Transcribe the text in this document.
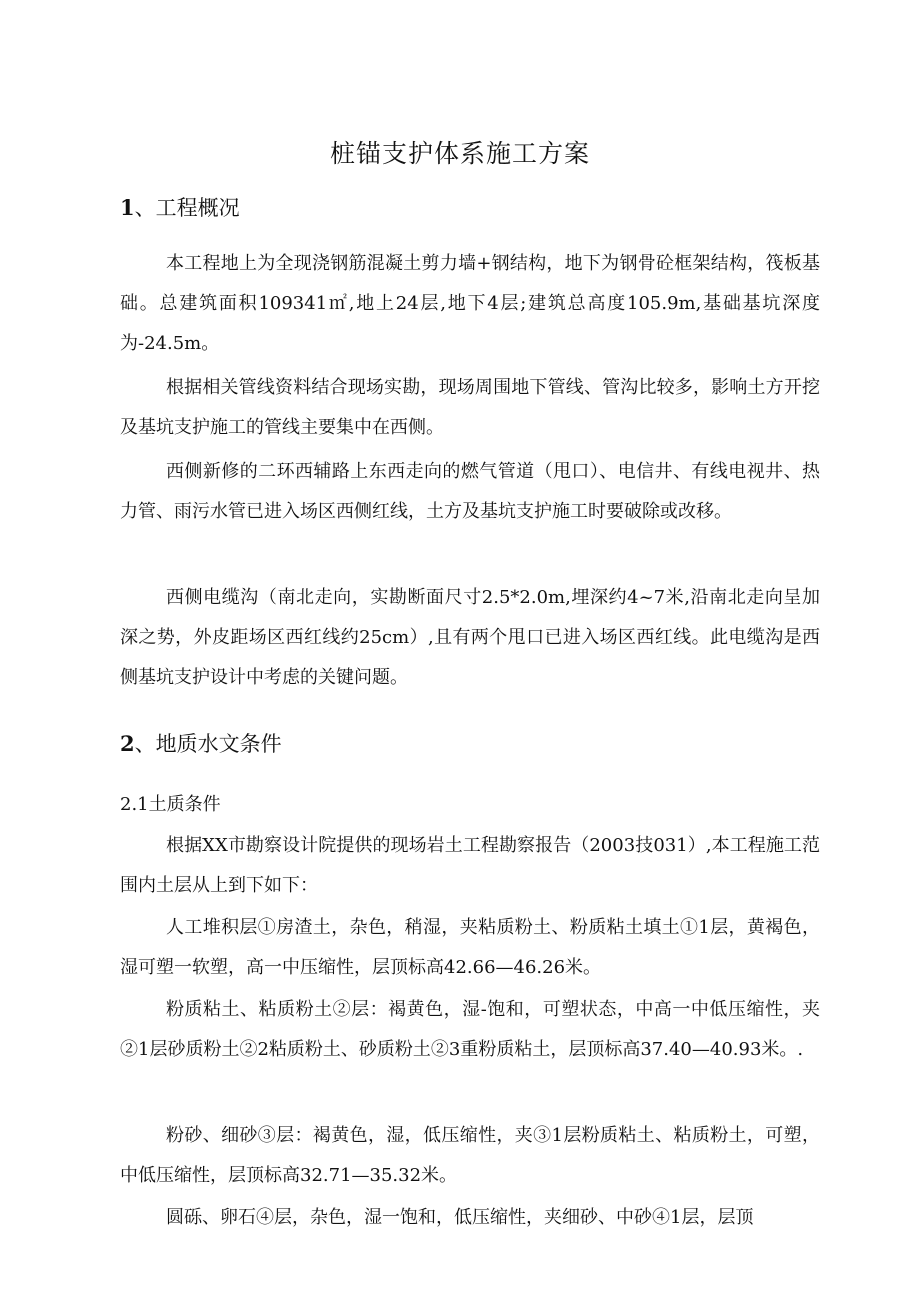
桩锚支护体系施工方案
1、工程概况

本工程地上为全现浇钢筋混凝土剪力墙+钢结构，地下为钢骨砼框架结构，筏板基础。总建筑面积109341㎡,地上24层,地下4层;建筑总高度105.9m,基础基坑深度为-24.5m。

根据相关管线资料结合现场实勘，现场周围地下管线、管沟比较多，影响土方开挖及基坑支护施工的管线主要集中在西侧。

西侧新修的二环西辅路上东西走向的燃气管道（甩口）、电信井、有线电视井、热力管、雨污水管已进入场区西侧红线，土方及基坑支护施工时要破除或改移。

西侧电缆沟（南北走向，实勘断面尺寸2.5*2.0m,埋深约4~7米,沿南北走向呈加深之势，外皮距场区西红线约25cm）,且有两个甩口已进入场区西红线。此电缆沟是西侧基坑支护设计中考虑的关键问题。

2、地质水文条件
2.1土质条件

根据XX市勘察设计院提供的现场岩土工程勘察报告（2003技031）,本工程施工范围内土层从上到下如下：

人工堆积层①房渣土，杂色，稍湿，夹粘质粉土、粉质粘土填土①1层，黄褐色，湿可塑一软塑，高一中压缩性，层顶标高42.66—46.26米。

粉质粘土、粘质粉土②层：褐黄色，湿-饱和，可塑状态，中高一中低压缩性，夹②1层砂质粉土②2粘质粉土、砂质粉土②3重粉质粘土，层顶标高37.40—40.93米。.

粉砂、细砂③层：褐黄色，湿，低压缩性，夹③1层粉质粘土、粘质粉土，可塑，中低压缩性，层顶标高32.71—35.32米。

圆砾、卵石④层，杂色，湿一饱和，低压缩性，夹细砂、中砂④1层，层顶
